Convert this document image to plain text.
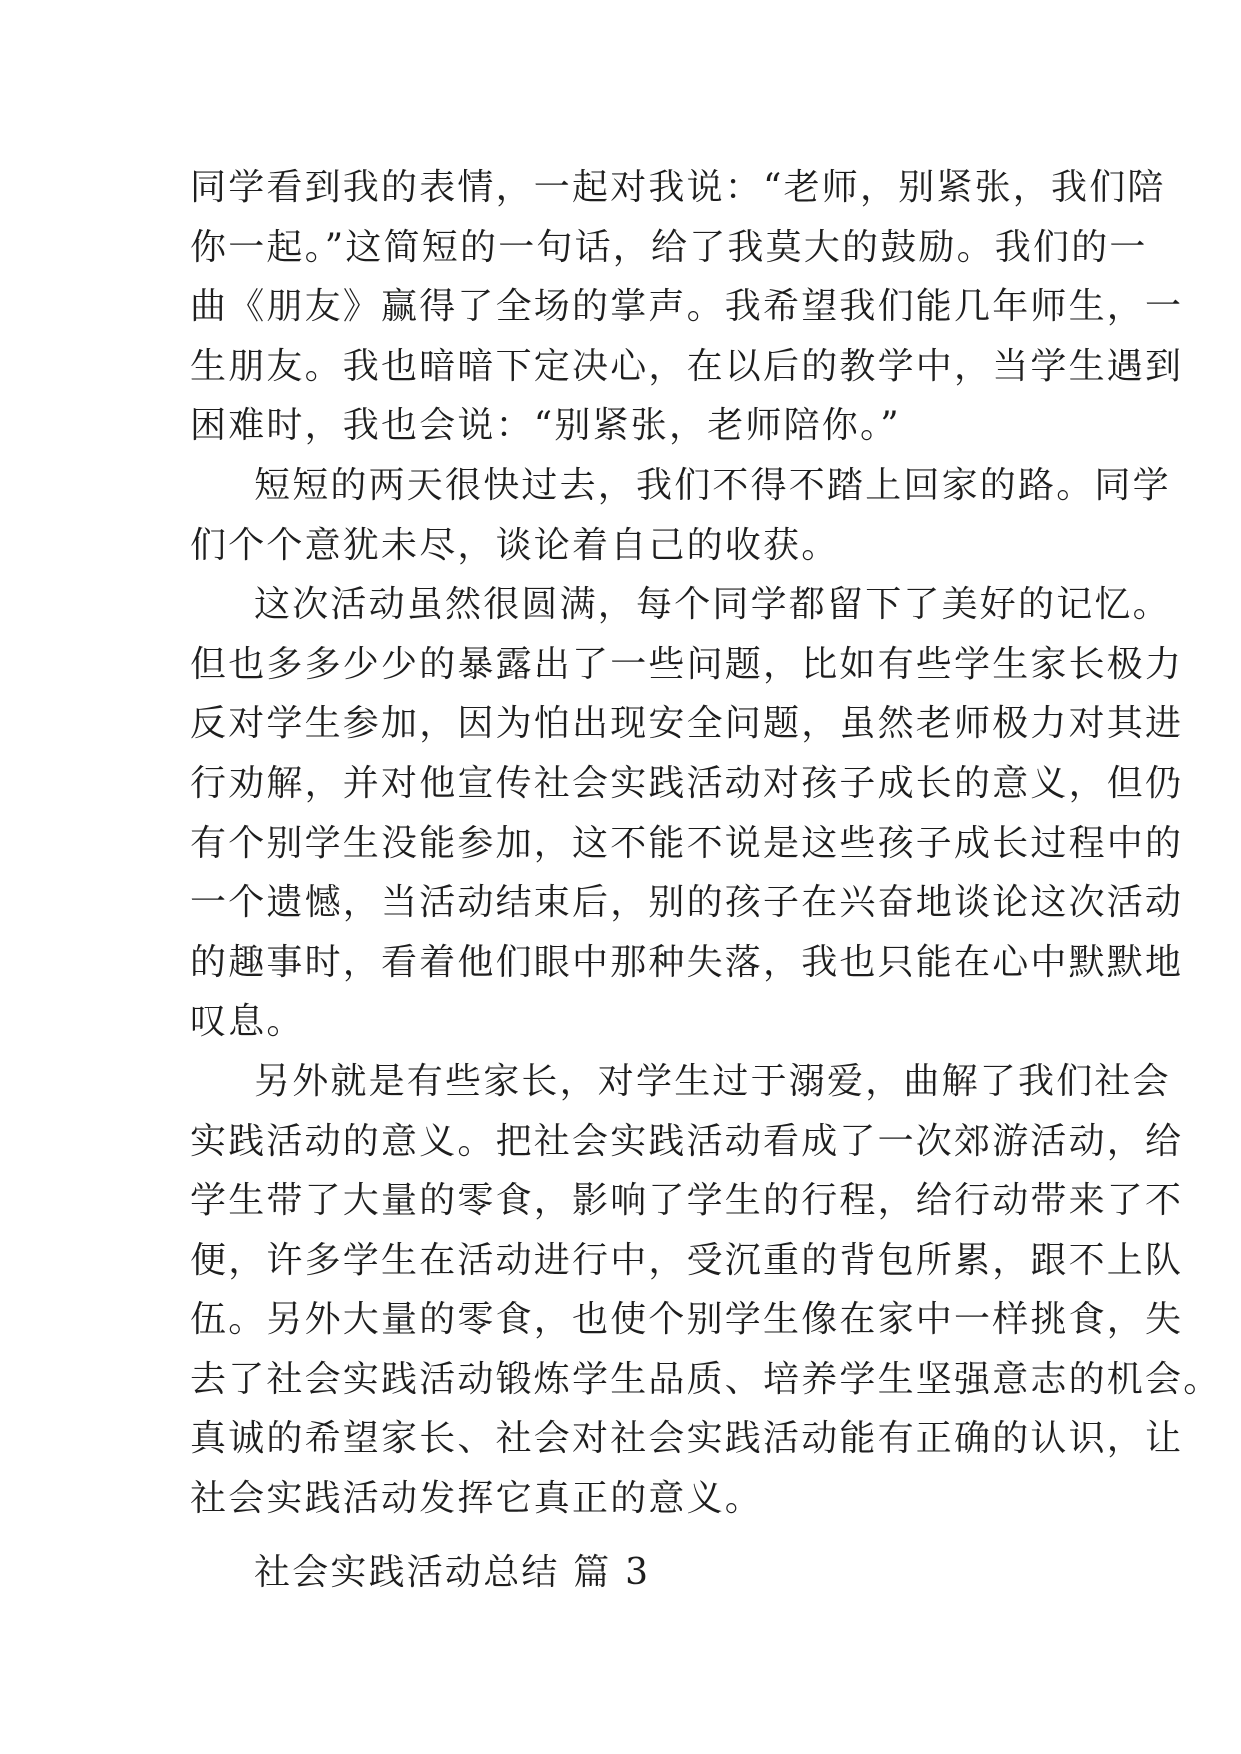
同学看到我的表情，一起对我说：“老师，别紧张，我们陪
你一起。”这简短的一句话，给了我莫大的鼓励。我们的一
曲《朋友》赢得了全场的掌声。我希望我们能几年师生，一
生朋友。我也暗暗下定决心，在以后的教学中，当学生遇到
困难时，我也会说：“别紧张，老师陪你。”
短短的两天很快过去，我们不得不踏上回家的路。同学
们个个意犹未尽，谈论着自己的收获。
这次活动虽然很圆满，每个同学都留下了美好的记忆。
但也多多少少的暴露出了一些问题，比如有些学生家长极力
反对学生参加，因为怕出现安全问题，虽然老师极力对其进
行劝解，并对他宣传社会实践活动对孩子成长的意义，但仍
有个别学生没能参加，这不能不说是这些孩子成长过程中的
一个遗憾，当活动结束后，别的孩子在兴奋地谈论这次活动
的趣事时，看着他们眼中那种失落，我也只能在心中默默地
叹息。
另外就是有些家长，对学生过于溺爱，曲解了我们社会
实践活动的意义。把社会实践活动看成了一次郊游活动，给
学生带了大量的零食，影响了学生的行程，给行动带来了不
便，许多学生在活动进行中，受沉重的背包所累，跟不上队
伍。另外大量的零食，也使个别学生像在家中一样挑食，失
去了社会实践活动锻炼学生品质、培养学生坚强意志的机会。
真诚的希望家长、社会对社会实践活动能有正确的认识，让
社会实践活动发挥它真正的意义。
社会实践活动总结 篇 3
